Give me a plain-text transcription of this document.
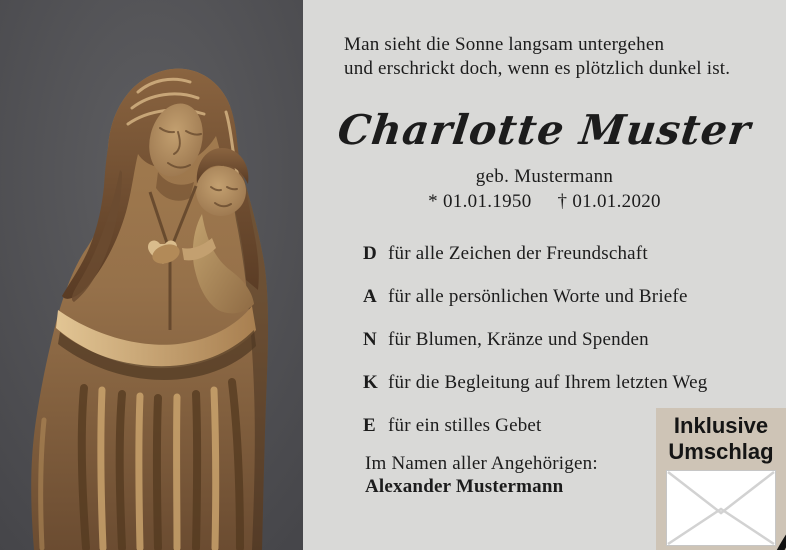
Man sieht die Sonne langsam untergehen
und erschrickt doch, wenn es plötzlich dunkel ist.
Charlotte Muster
geb. Mustermann
* 01.01.1950 † 01.01.2020
D für alle Zeichen der Freundschaft
A für alle persönlichen Worte und Briefe
N für Blumen, Kränze und Spenden
K für die Begleitung auf Ihrem letzten Weg
E für ein stilles Gebet
Im Namen aller Angehörigen:
Alexander Mustermann
Inklusive
Umschlag
